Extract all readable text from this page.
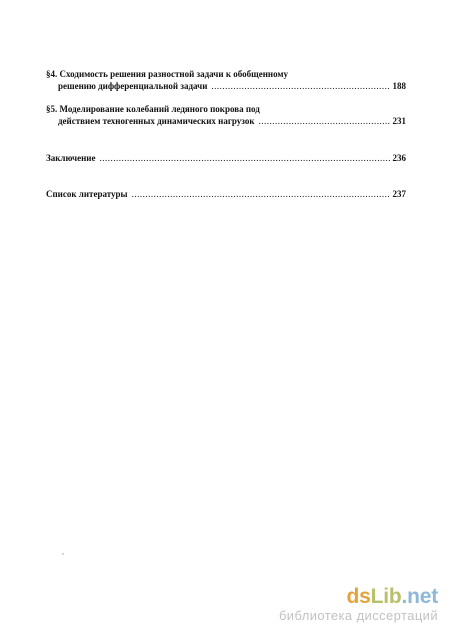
§4. Сходимость решения разностной задачи к обобщенному
решению дифференциальной задачи .....	188
§5. Моделирование колебаний ледяного покрова под
действием техногенных динамических нагрузок .....	231
Заключение .....	236
Список литературы .....	237
dsLib.net
библиотека диссертаций
